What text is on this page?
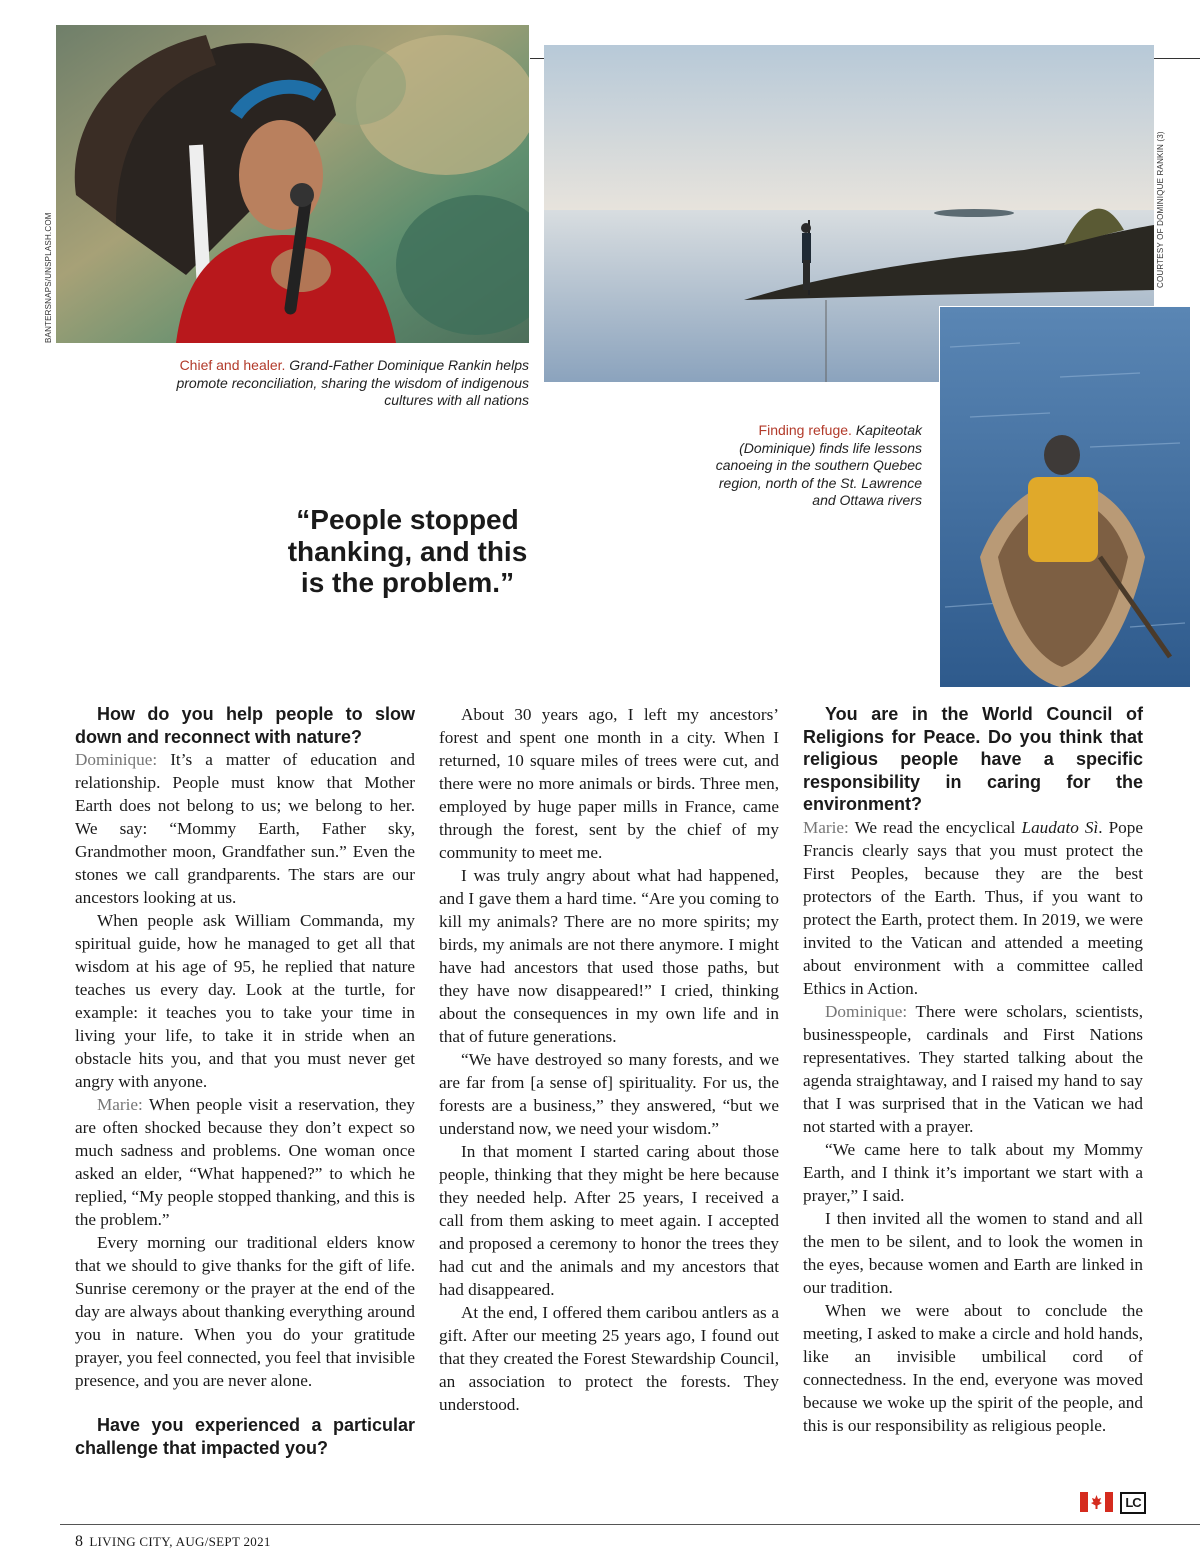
BANTERSNAPS/UNSPLASH.COM	COURTESY OF DOMINIQUE RANKIN (3)
Chief and healer. Grand-Father Dominique Rankin helps promote reconciliation, sharing the wisdom of indigenous cultures with all nations
Finding refuge. Kapiteotak (Dominique) finds life lessons canoeing in the southern Quebec region, north of the St. Lawrence and Ottawa rivers
“People stopped thanking, and this is the problem.”

How do you help people to slow down and reconnect with nature?

Dominique: It’s a matter of education and relationship. People must know that Mother Earth does not belong to us; we belong to her. We say: “Mommy Earth, Father sky, Grandmother moon, Grandfather sun.” Even the stones we call grandparents. The stars are our ancestors looking at us.

When people ask William Commanda, my spiritual guide, how he managed to get all that wisdom at his age of 95, he replied that nature teaches us every day. Look at the turtle, for example: it teaches you to take your time in living your life, to take it in stride when an obstacle hits you, and that you must never get angry with anyone.

Marie: When people visit a reservation, they are often shocked because they don’t expect so much sadness and problems. One woman once asked an elder, “What happened?” to which he replied, “My people stopped thanking, and this is the problem.”

Every morning our traditional elders know that we should to give thanks for the gift of life. Sunrise ceremony or the prayer at the end of the day are always about thanking everything around you in nature. When you do your gratitude prayer, you feel connected, you feel that invisible presence, and you are never alone.

Have you experienced a particular challenge that impacted you?

About 30 years ago, I left my ancestors’ forest and spent one month in a city. When I returned, 10 square miles of trees were cut, and there were no more animals or birds. Three men, employed by huge paper mills in France, came through the forest, sent by the chief of my community to meet me.

I was truly angry about what had happened, and I gave them a hard time. “Are you coming to kill my animals? There are no more spirits; my birds, my animals are not there anymore. I might have had ancestors that used those paths, but they have now disappeared!” I cried, thinking about the consequences in my own life and in that of future generations.

“We have destroyed so many forests, and we are far from [a sense of] spirituality. For us, the forests are a business,” they answered, “but we understand now, we need your wisdom.”

In that moment I started caring about those people, thinking that they might be here because they needed help. After 25 years, I received a call from them asking to meet again. I accepted and proposed a ceremony to honor the trees they had cut and the animals and my ancestors that had disappeared.

At the end, I offered them caribou antlers as a gift. After our meeting 25 years ago, I found out that they created the Forest Stewardship Council, an association to protect the forests. They understood.

You are in the World Council of Religions for Peace. Do you think that religious people have a specific responsibility in caring for the environment?

Marie: We read the encyclical Laudato Sì. Pope Francis clearly says that you must protect the First Peoples, because they are the best protectors of the Earth. Thus, if you want to protect the Earth, protect them. In 2019, we were invited to the Vatican and attended a meeting about environment with a committee called Ethics in Action.

Dominique: There were scholars, scientists, businesspeople, cardinals and First Nations representatives. They started talking about the agenda straightaway, and I raised my hand to say that I was surprised that in the Vatican we had not started with a prayer.

“We came here to talk about my Mommy Earth, and I think it’s important we start with a prayer,” I said.

I then invited all the women to stand and all the men to be silent, and to look the women in the eyes, because women and Earth are linked in our tradition.

When we were about to conclude the meeting, I asked to make a circle and hold hands, like an invisible umbilical cord of connectedness. In the end, everyone was moved because we woke up the spirit of the people, and this is our responsibility as religious people.

LC
8 LIVING CITY, AUG/SEPT 2021
